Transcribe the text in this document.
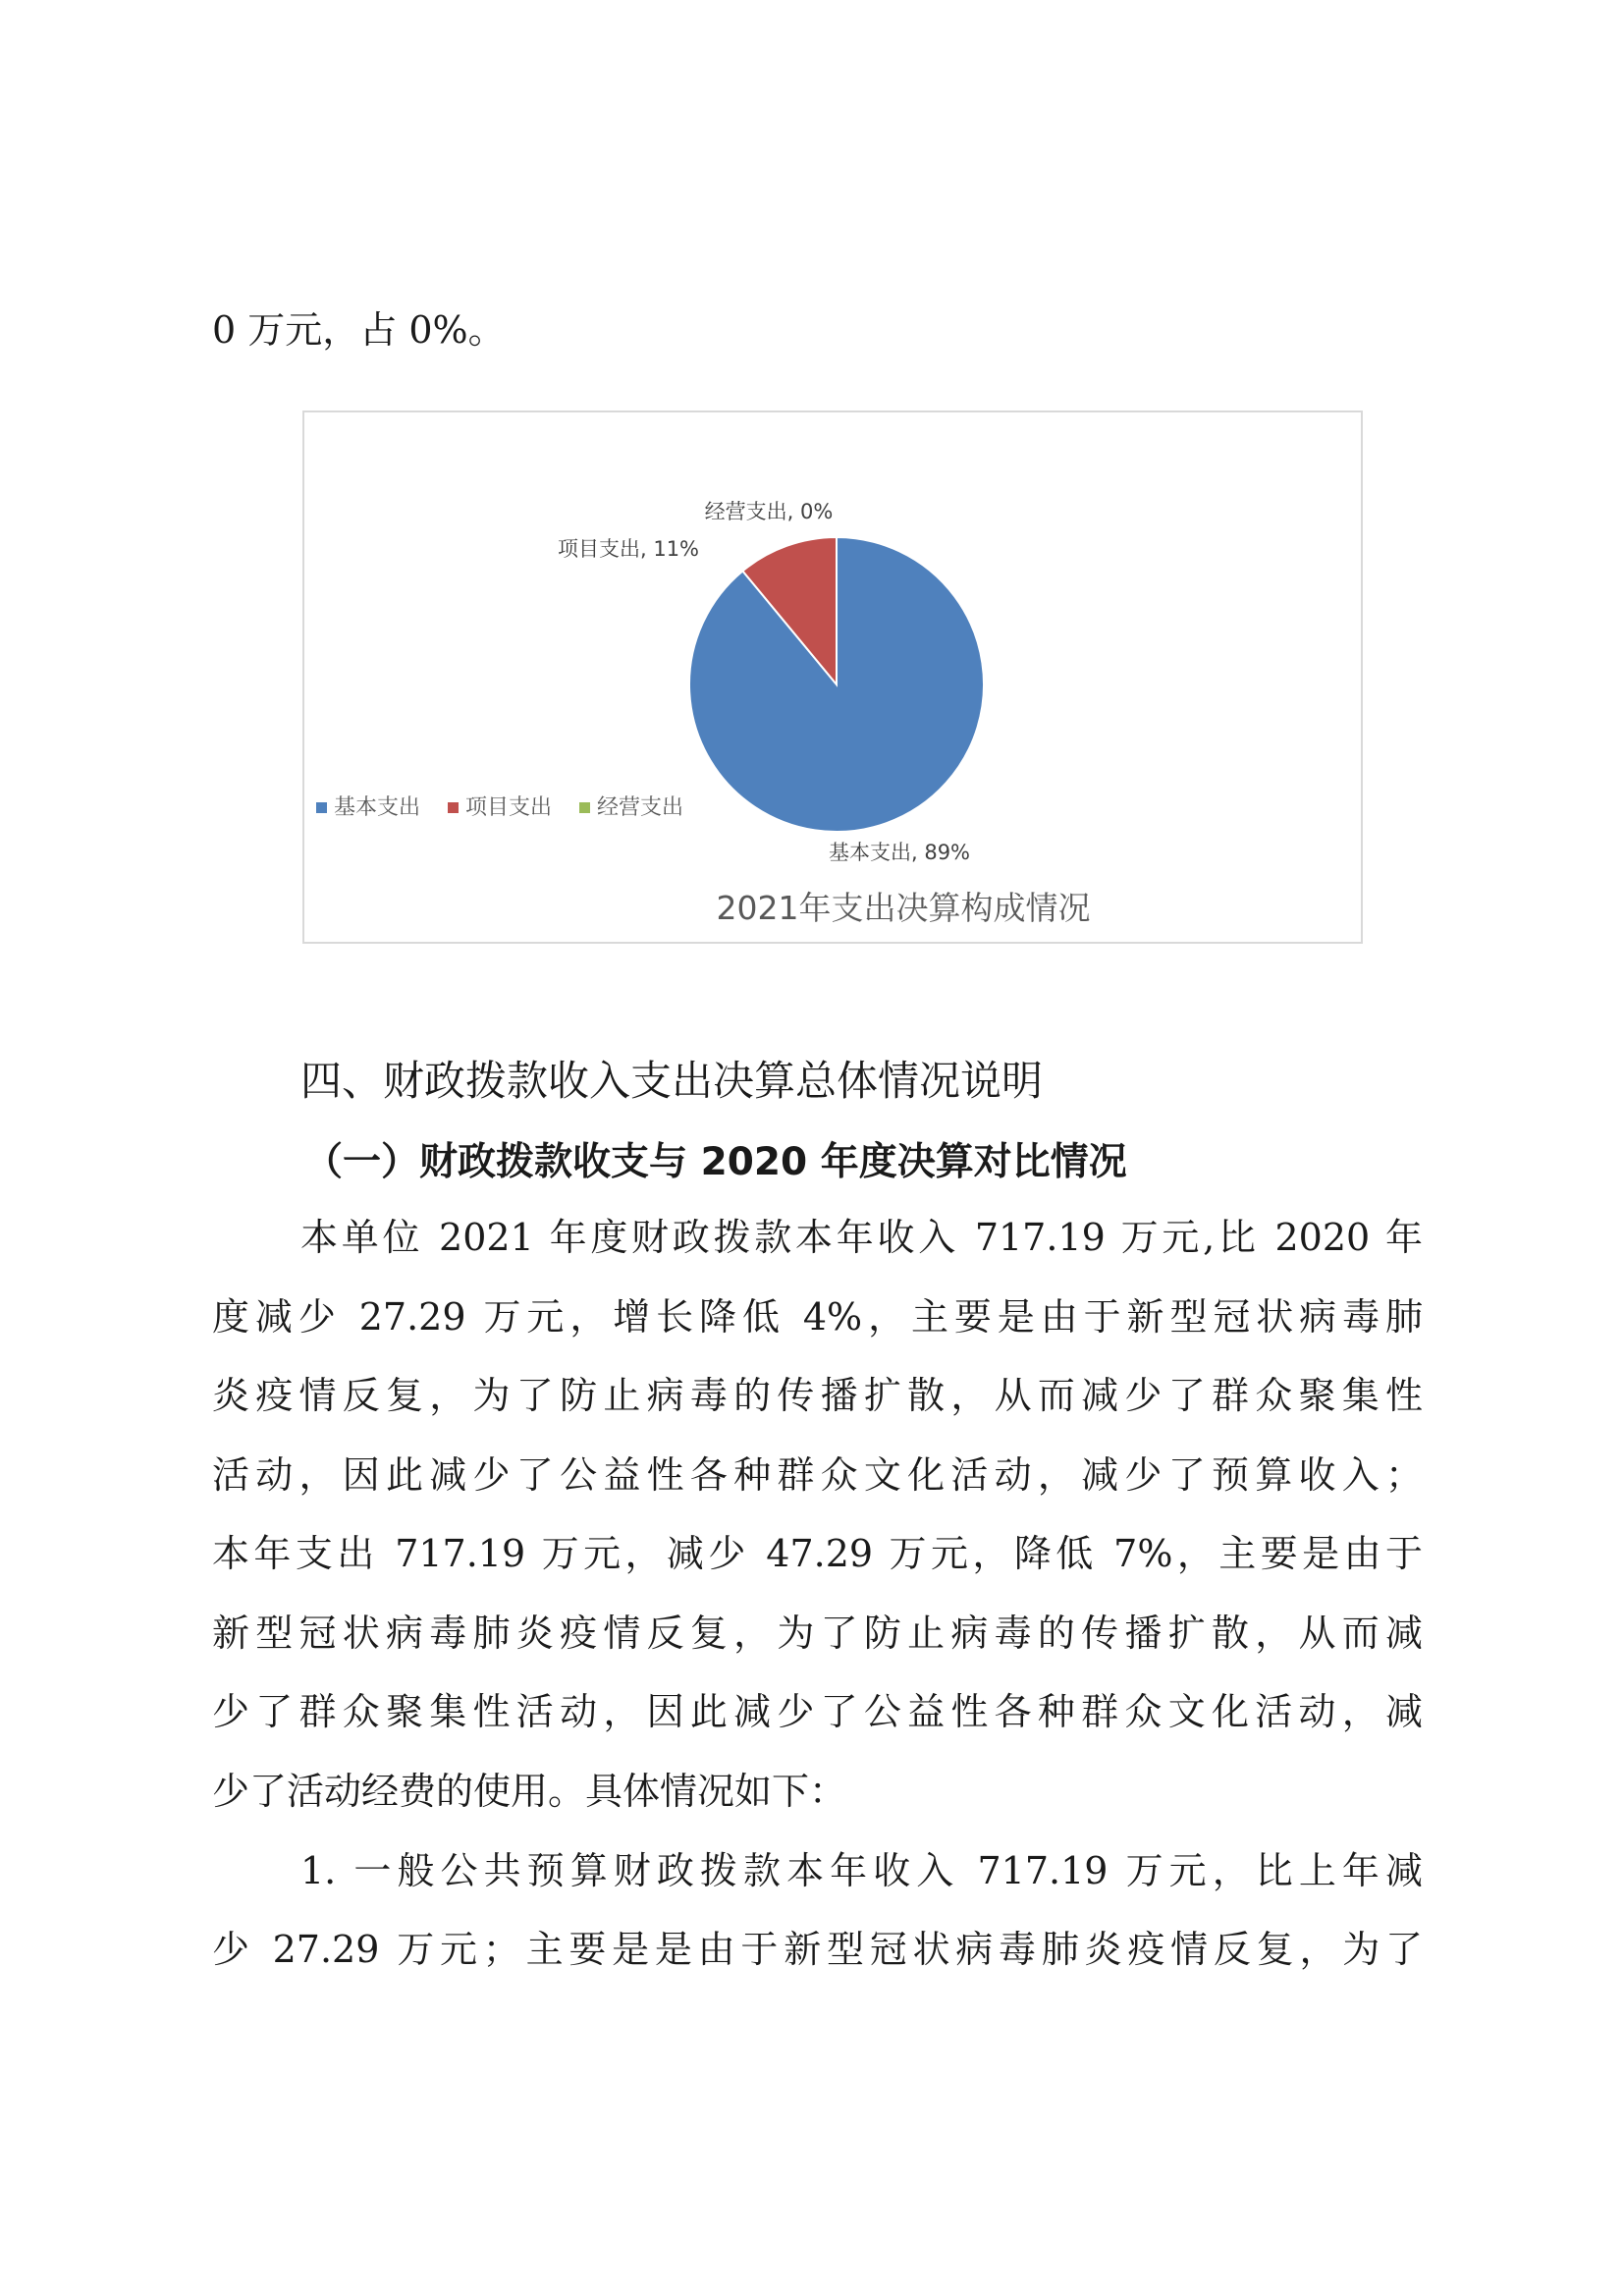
0 万元，占 0%。
经营支出, 0%
项目支出, 11%
基本支出, 89%
基本支出 项目支出 经营支出
2021年支出决算构成情况
四、财政拨款收入支出决算总体情况说明
（一）财政拨款收支与 2020 年度决算对比情况
本单位 2021 年度财政拨款本年收入 717.19 万元,比 2020 年
度减少 27.29 万元，增长降低 4%，主要是由于新型冠状病毒肺
炎疫情反复，为了防止病毒的传播扩散，从而减少了群众聚集性
活动，因此减少了公益性各种群众文化活动，减少了预算收入；
本年支出 717.19 万元，减少 47.29 万元，降低 7%，主要是由于
新型冠状病毒肺炎疫情反复，为了防止病毒的传播扩散，从而减
少了群众聚集性活动，因此减少了公益性各种群众文化活动，减
少了活动经费的使用。具体情况如下：
1. 一般公共预算财政拨款本年收入 717.19 万元，比上年减
少 27.29 万元；主要是是由于新型冠状病毒肺炎疫情反复，为了
